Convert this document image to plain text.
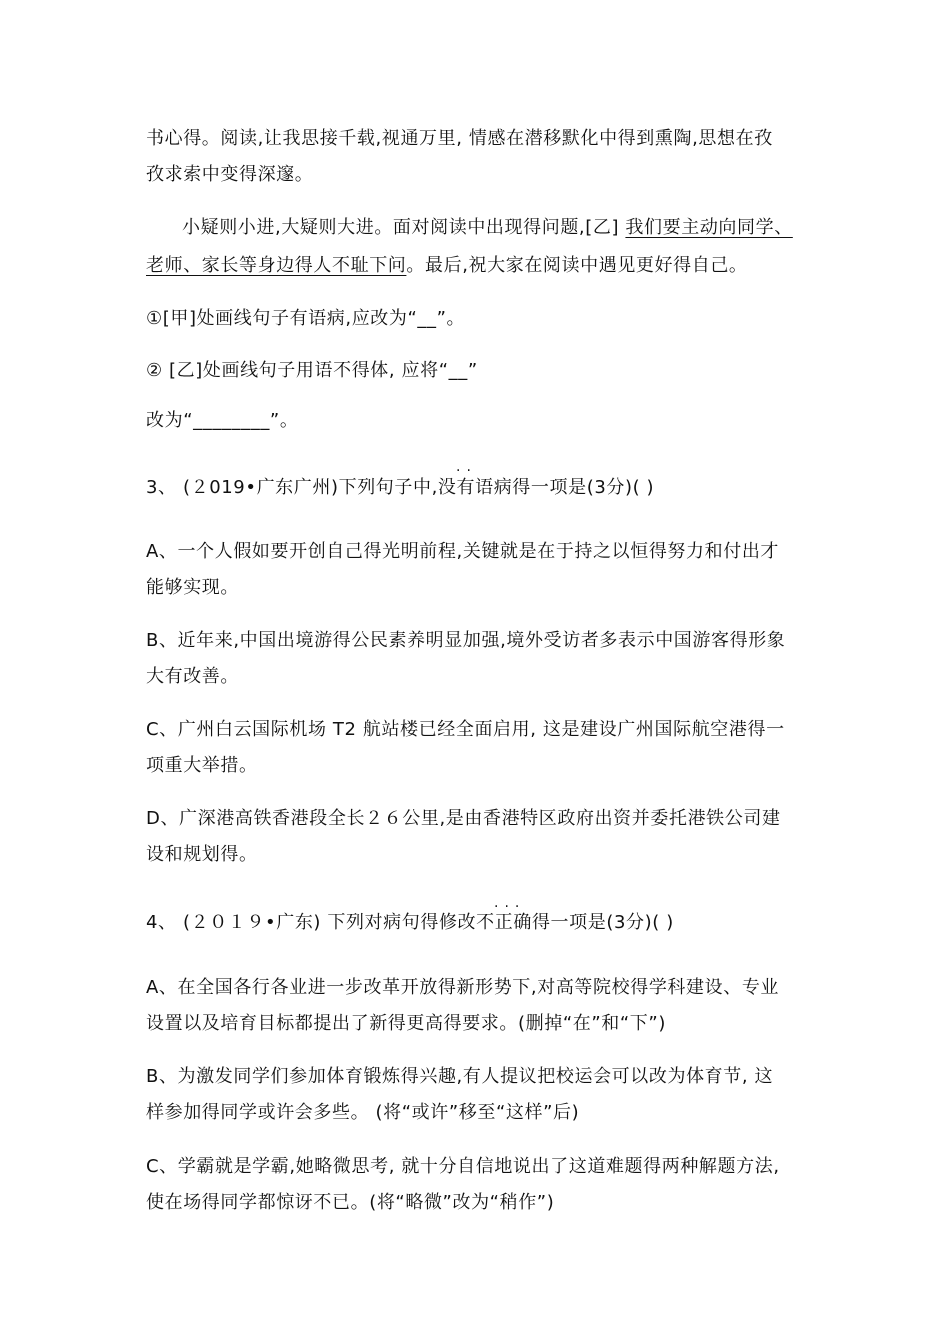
书心得。阅读,让我思接千载,视通万里, 情感在潜移默化中得到熏陶,思想在孜
孜求索中变得深邃。
小疑则小进,大疑则大进。面对阅读中出现得问题,[乙] 我们要主动向同学、
老师、家长等身边得人不耻下问。最后,祝大家在阅读中遇见更好得自己。
①[甲]处画线句子有语病,应改为“__”。
② [乙]处画线句子用语不得体, 应将“__”
改为“________”。
..
3、 (２019•广东广州)下列句子中,没有语病得一项是(3分)( )
A、一个人假如要开创自己得光明前程,关键就是在于持之以恒得努力和付出才
能够实现。
B、近年来,中国出境游得公民素养明显加强,境外受访者多表示中国游客得形象
大有改善。
C、广州白云国际机场 T2 航站楼已经全面启用, 这是建设广州国际航空港得一
项重大举措。
D、广深港高铁香港段全长２６公里,是由香港特区政府出资并委托港铁公司建
设和规划得。
...
4、 (２０１９•广东) 下列对病句得修改不正确得一项是(3分)( )
A、在全国各行各业进一步改革开放得新形势下,对高等院校得学科建设、专业
设置以及培育目标都提出了新得更高得要求。(删掉“在”和“下”)
B、为激发同学们参加体育锻炼得兴趣,有人提议把校运会可以改为体育节, 这
样参加得同学或许会多些。 (将“或许”移至“这样”后)
C、学霸就是学霸,她略微思考, 就十分自信地说出了这道难题得两种解题方法,
使在场得同学都惊讶不已。(将“略微”改为“稍作”)
